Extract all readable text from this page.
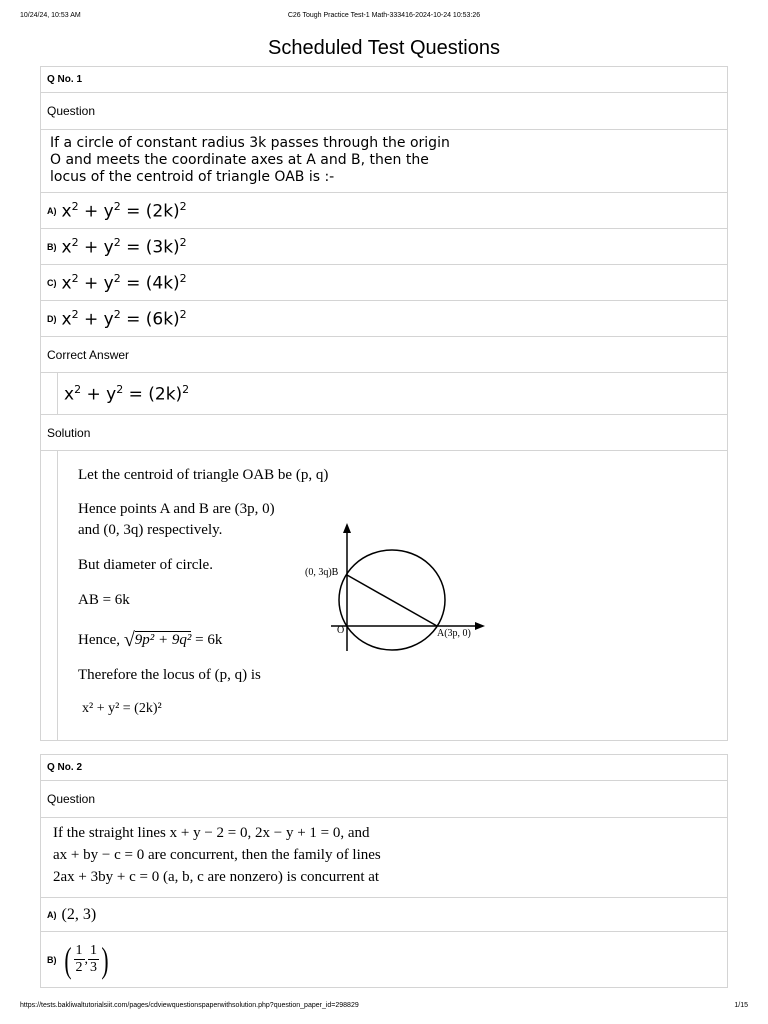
10/24/24, 10:53 AM	C26 Tough Practice Test-1 Math-333416-2024-10-24 10:53:26
Scheduled Test Questions
Q No. 1
Question
If a circle of constant radius 3k passes through the origin
O and meets the coordinate axes at A and B, then the
locus of the centroid of triangle OAB is :-
A) $x^2 + y^2 = (2k)^2$
B) $x^2 + y^2 = (3k)^2$
C) $x^2 + y^2 = (4k)^2$
D) $x^2 + y^2 = (6k)^2$
Correct Answer
$x^2 + y^2 = (2k)^2$
Solution
Let the centroid of triangle OAB be (p, q)
Hence points A and B are (3p, 0)
and (0, 3q) respectively.
But diameter of circle.
AB = 6k
Hence, √9p² + 9q² = 6k
Therefore the locus of (p, q) is
x² + y² = (2k)²
(0, 3q)B
O	A(3p, 0)
Q No. 2
Question
If the straight lines x + y − 2 = 0, 2x − y + 1 = 0, and
ax + by − c = 0 are concurrent, then the family of lines
2ax + 3by + c = 0 (a, b, c are nonzero) is concurrent at
A) (2, 3)
B) ( $\frac{1}{2}$ , $\frac{1}{3}$ )
https://tests.bakliwaltutorialsiit.com/pages/cdviewquestionspaperwithsolution.php?question_paper_id=298829	1/15
